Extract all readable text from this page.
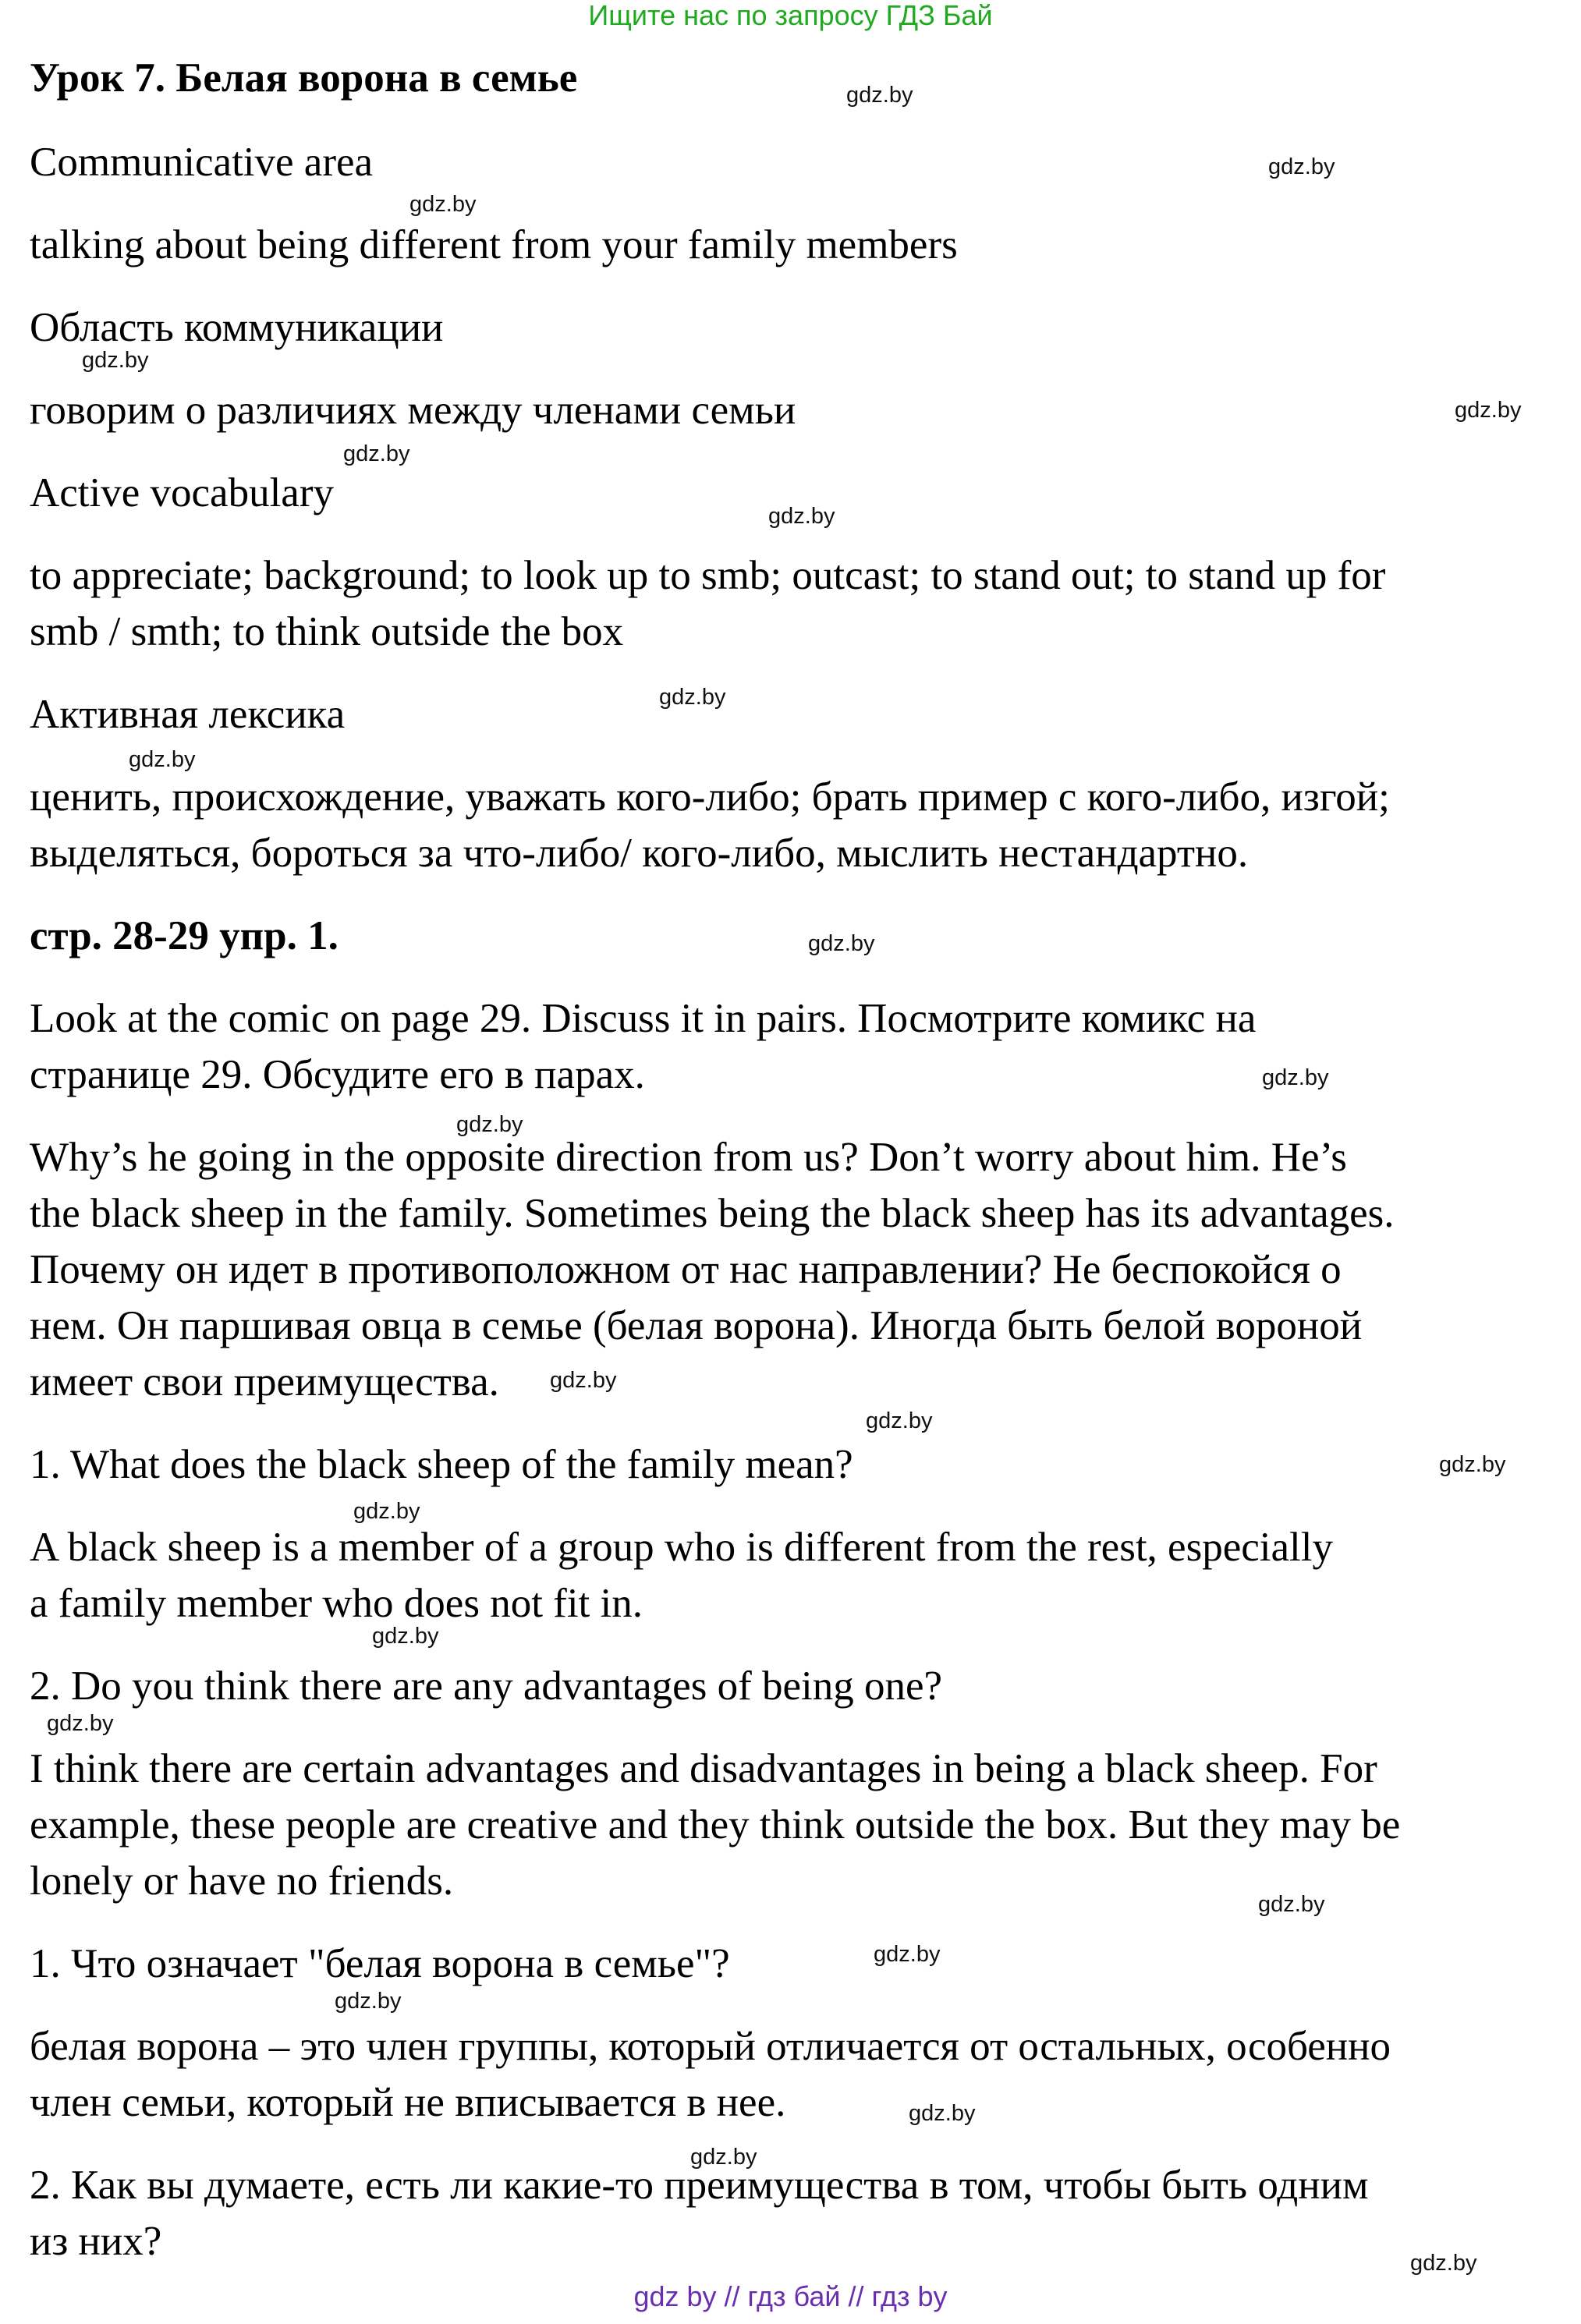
Ищите нас по запросу ГДЗ Бай
Урок 7. Белая ворона в семье
Communicative area
talking about being different from your family members
Область коммуникации
говорим о различиях между членами семьи
Active vocabulary
to appreciate; background; to look up to smb; outcast; to stand out; to stand up for
smb / smth; to think outside the box
Активная лексика
ценить, происхождение, уважать кого-либо; брать пример с кого-либо, изгой;
выделяться, бороться за что-либо/ кого-либо, мыслить нестандартно.
стр. 28-29 упр. 1.
Look at the comic on page 29. Discuss it in pairs. Посмотрите комикс на
странице 29. Обсудите его в парах.
Why’s he going in the opposite direction from us? Don’t worry about him. He’s
the black sheep in the family. Sometimes being the black sheep has its advantages.
Почему он идет в противоположном от нас направлении? Не беспокойся о
нем. Он паршивая овца в семье (белая ворона). Иногда быть белой вороной
имеет свои преимущества.
1. What does the black sheep of the family mean?
A black sheep is a member of a group who is different from the rest, especially
a family member who does not fit in.
2. Do you think there are any advantages of being one?
I think there are certain advantages and disadvantages in being a black sheep. For
example, these people are creative and they think outside the box. But they may be
lonely or have no friends.
1. Что означает "белая ворона в семье"?
белая ворона – это член группы, который отличается от остальных, особенно
член семьи, который не вписывается в нее.
2. Как вы думаете, есть ли какие-то преимущества в том, чтобы быть одним
из них?
gdz.by
gdz.by
gdz.by
gdz.by
gdz.by
gdz.by
gdz.by
gdz.by
gdz.by
gdz.by
gdz.by
gdz.by
gdz.by
gdz.by
gdz.by
gdz.by
gdz.by
gdz.by
gdz.by
gdz.by
gdz.by
gdz.by
gdz.by
gdz.by
gdz by // гдз бай // гдз by
